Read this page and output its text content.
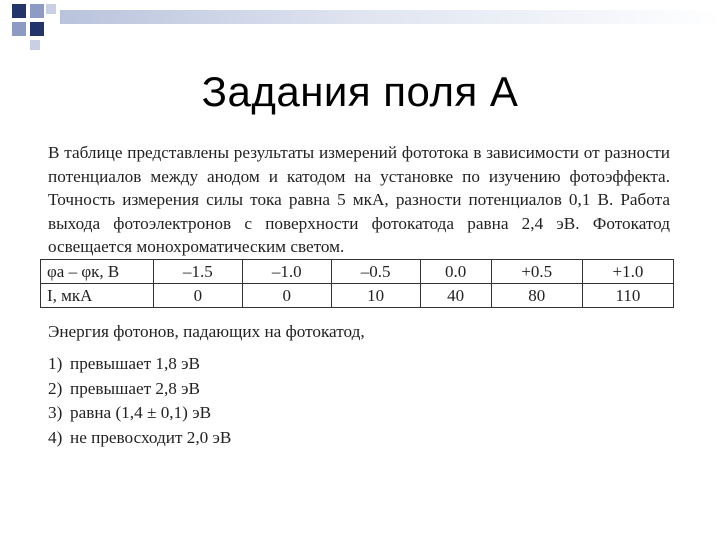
Задания поля А
В таблице представлены результаты измерений фототока в зависимости от разности потенциалов между анодом и катодом на установке по изучению фотоэффекта. Точность измерения силы тока равна 5 мкА, разности потенциалов 0,1 В. Работа выхода фотоэлектронов с поверхности фотокатода равна 2,4 эВ. Фотокатод освещается монохроматическим светом.
φa – φк, В	–1.5	–1.0	–0.5	0.0	+0.5	+1.0
I, мкА	0	0	10	40	80	110
Энергия фотонов, падающих на фотокатод,
1) превышает 1,8 эВ
2) превышает 2,8 эВ
3) равна (1,4 ± 0,1) эВ
4) не превосходит 2,0 эВ
